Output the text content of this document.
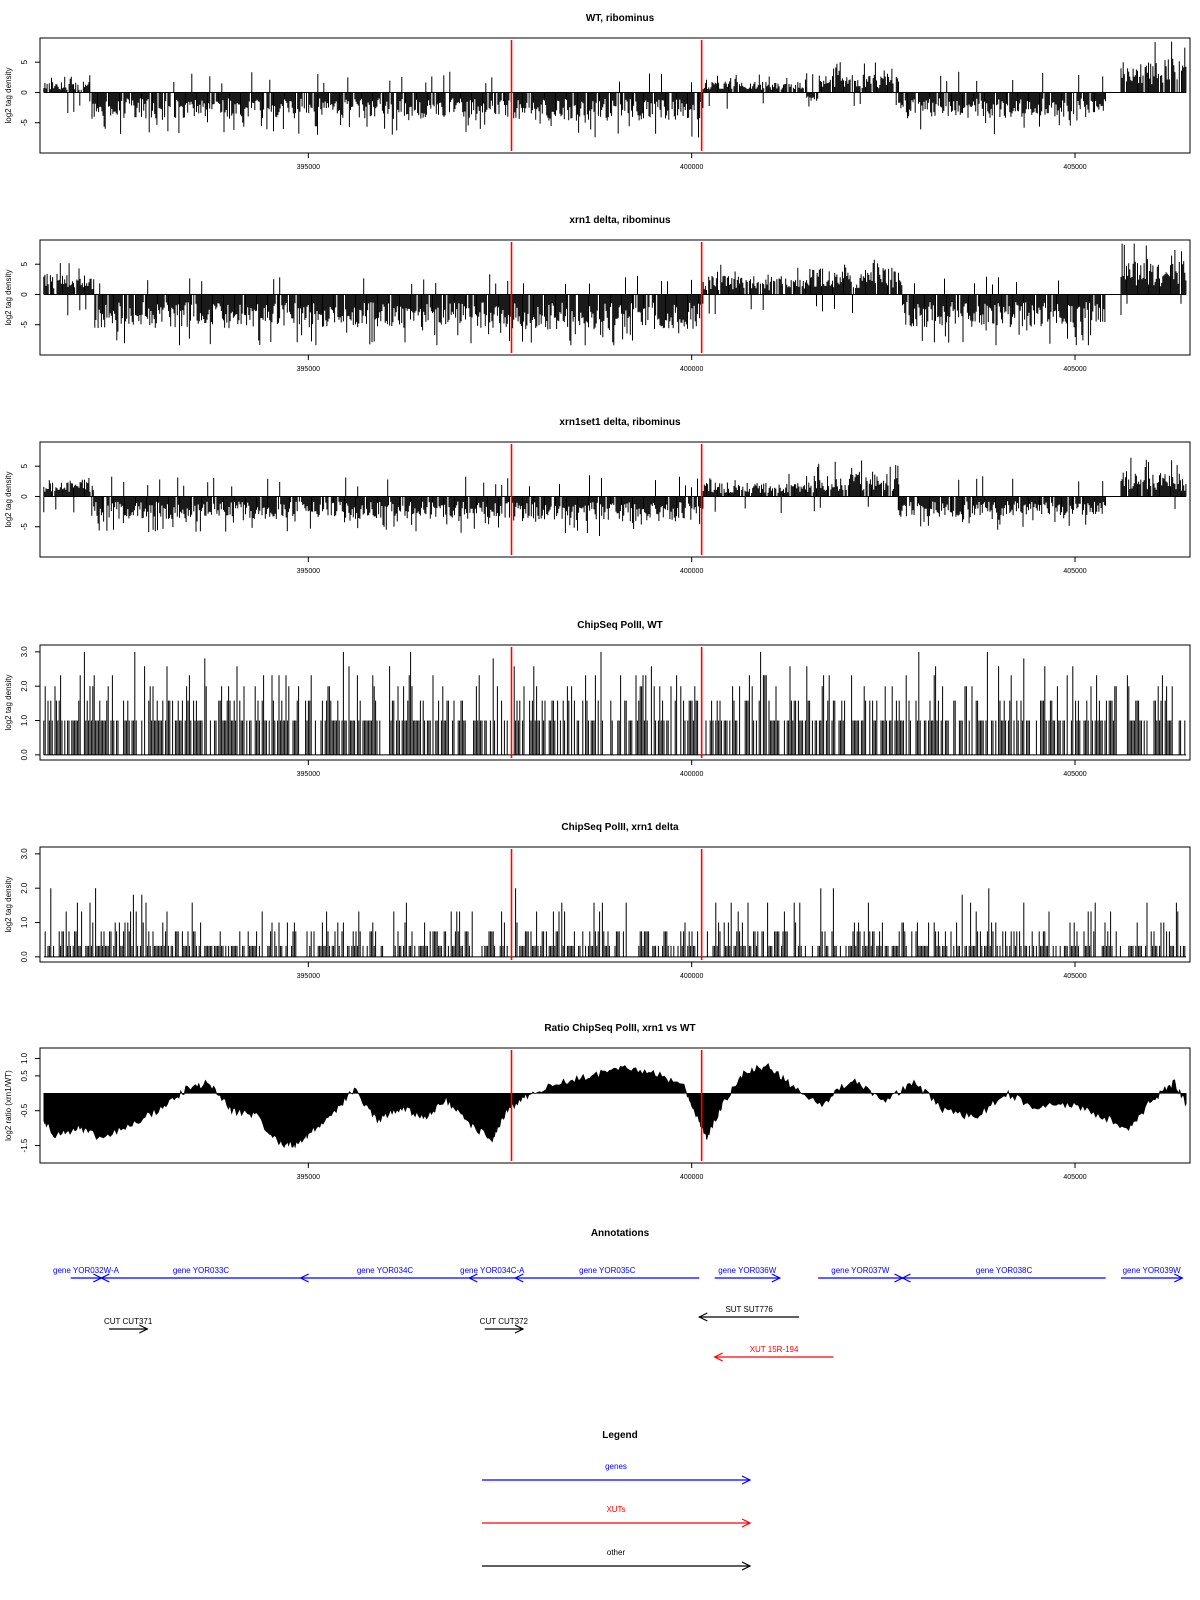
WT, ribominus
log2 tag density -5
0
5
395000	400000	405000
xrn1 delta, ribominus
log2 tag density -5
0
5
395000	400000	405000
xrn1set1 delta, ribominus
log2 tag density -5
0
5
395000	400000	405000
ChipSeq PolII, WT
log2 tag density
0.0
1.0
2.0
3.0
395000	400000	405000
ChipSeq PolII, xrn1 delta
log2 tag density
0.0
1.0
2.0
3.0
395000	400000	405000
Ratio ChipSeq PolII, xrn1 vs WT
log2 ratio (xrn1/WT)
-1.5
-0.5
0.5
1.0
395000	400000	405000
Annotations
gene YOR032W-A	gene YOR033C	gene YOR034C	gene YOR034C-A	gene YOR035C	gene YOR036W	gene YOR037W	gene YOR038C	gene YOR039W
SUT SUT776
CUT CUT371	CUT CUT372
XUT 15R-194
Legend
genes
XUTs
other
